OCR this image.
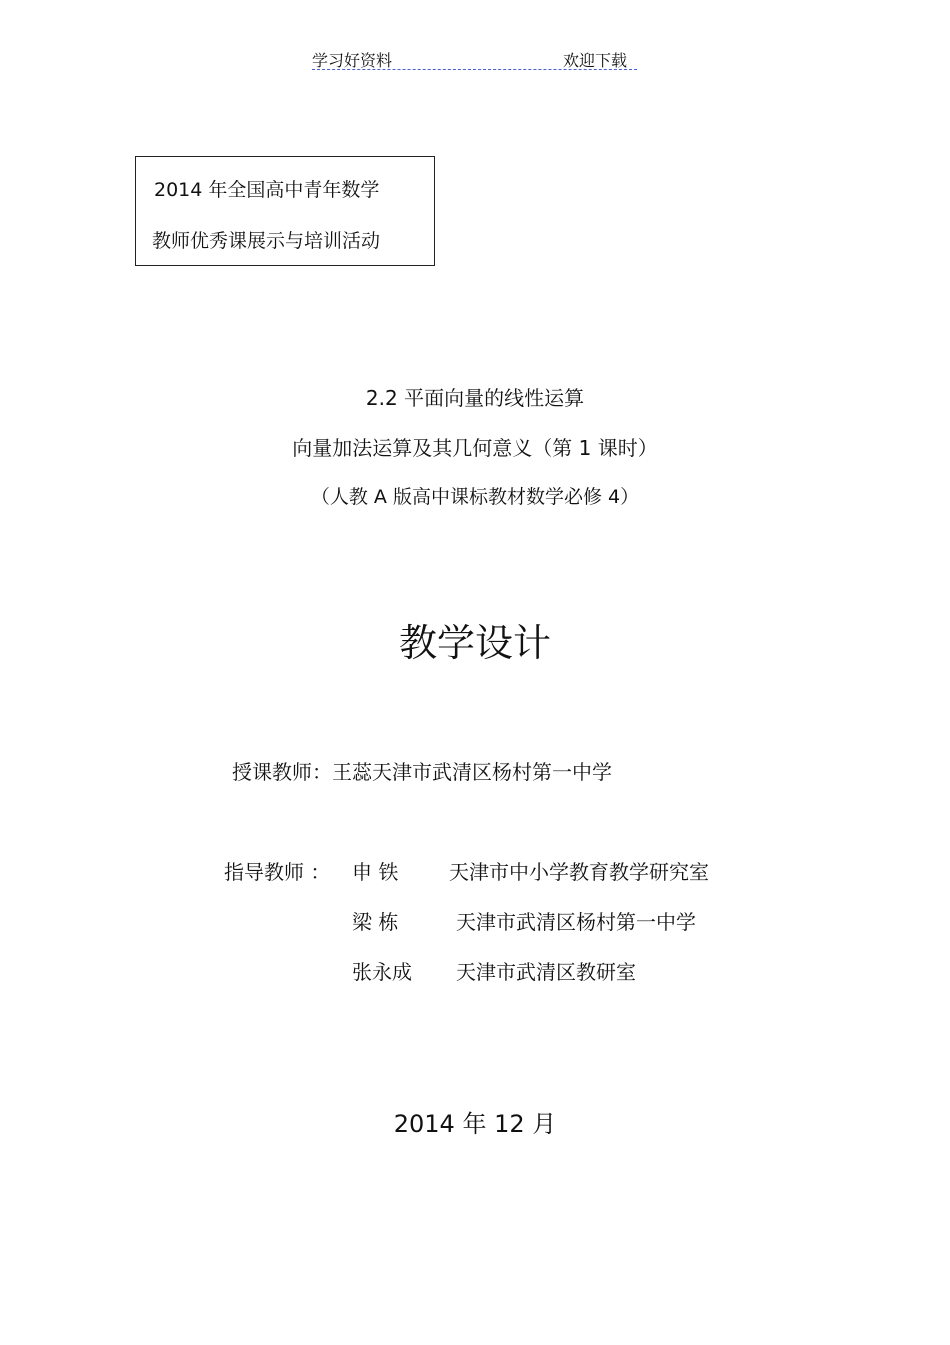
学习好资料	欢迎下载
2014 年全国高中青年数学
教师优秀课展示与培训活动
2.2 平面向量的线性运算
向量加法运算及其几何意义（第 1 课时）
（人教 A 版高中课标教材数学必修 4）
教学设计
授课教师：王蕊天津市武清区杨村第一中学
指导教师 ： 申 铁	天津市中小学教育教学研究室
梁 栋	天津市武清区杨村第一中学
张永成 天津市武清区教研室
2014 年 12 月
